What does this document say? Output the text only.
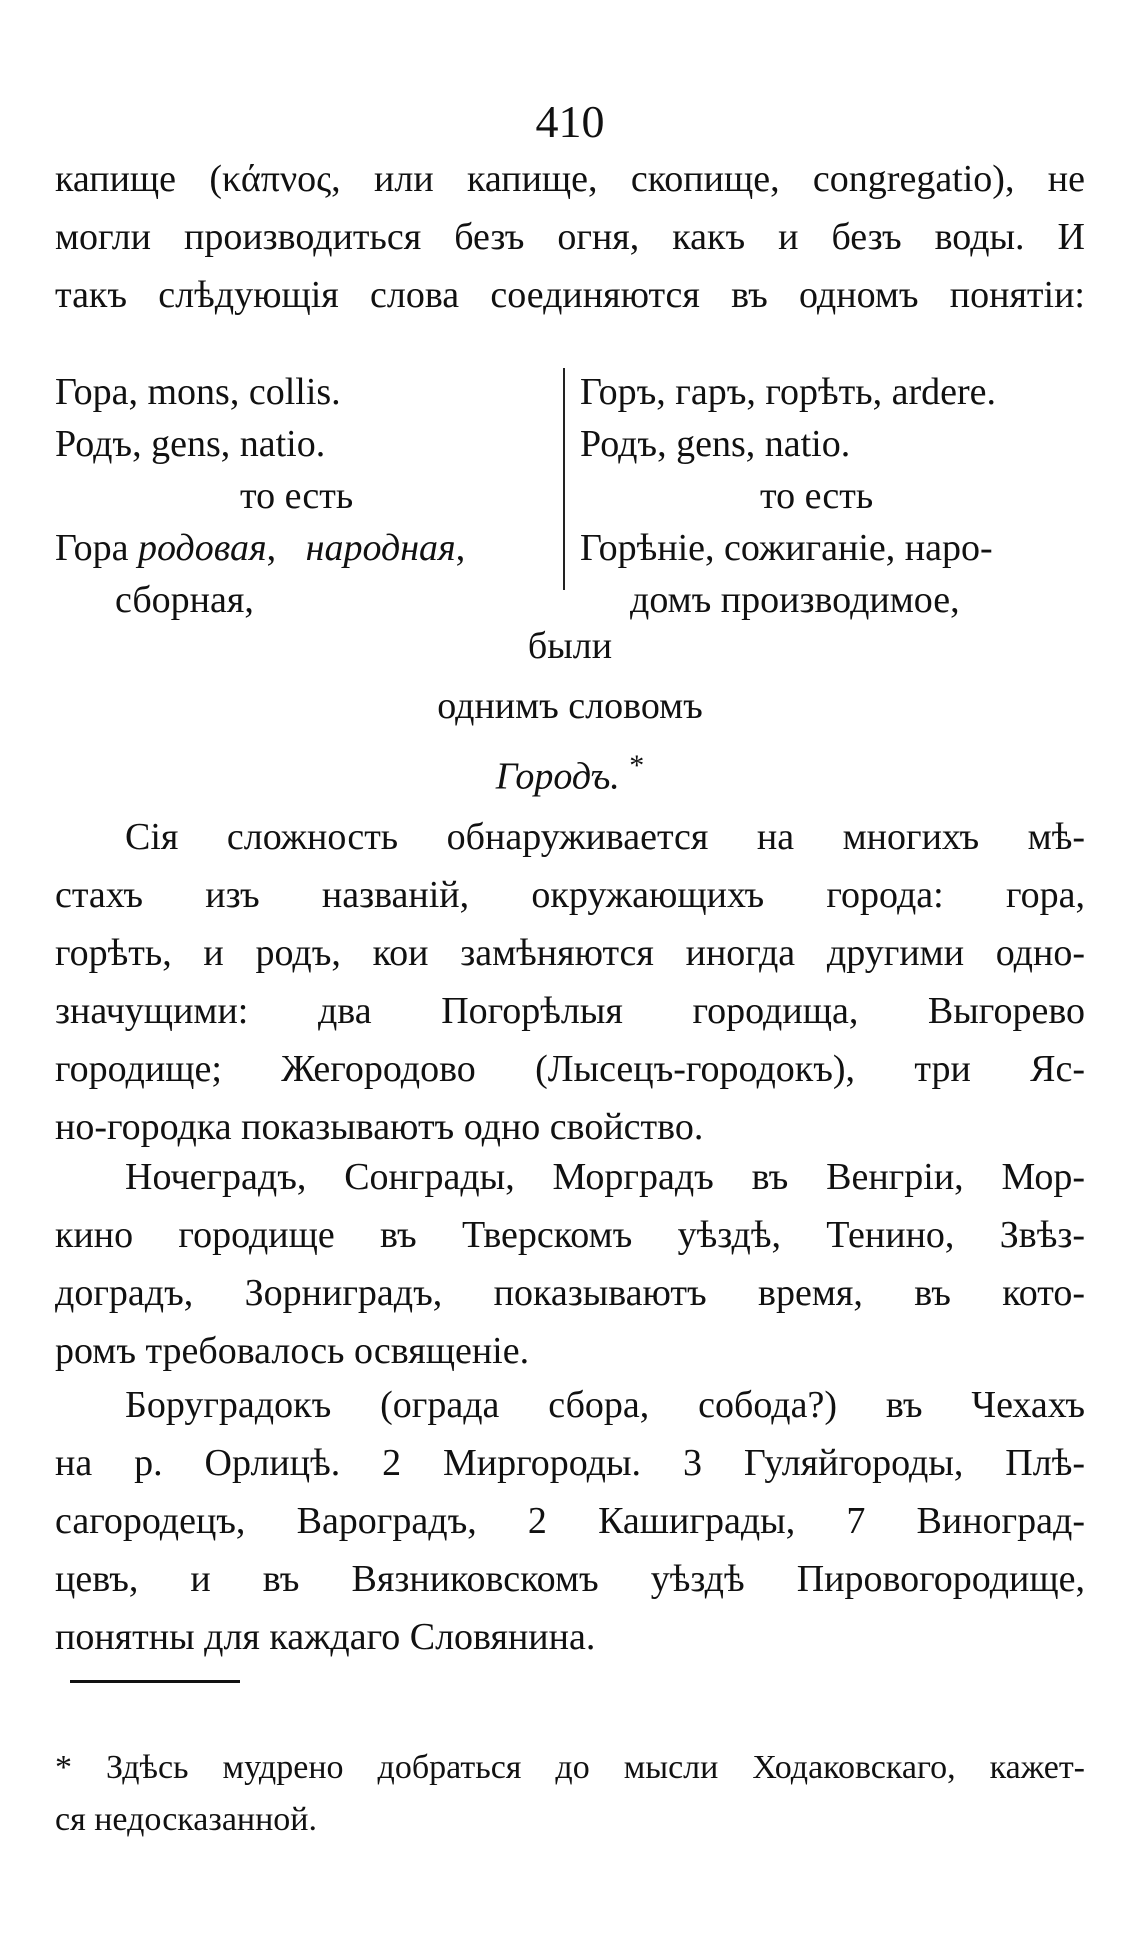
410
капище (κάπνος, или капище, скопище, congregatio), не
могли производиться безъ огня, какъ и безъ воды. И
такъ слѣдующія слова соединяются въ одномъ понятіи:
Гора, mons, collis.
Родъ, gens, natio.
то есть
Гора родовая, народная,
сборная,
Горъ, гаръ, горѣть, ardere.
Родъ, gens, natio.
то есть
Горѣніе, сожиганіе, наро-
домъ производимое,
были
однимъ словомъ
Городъ. *
Сія сложность обнаруживается на многихъ мѣ-
стахъ изъ названій, окружающихъ города: гора,
горѣть, и родъ, кои замѣняются иногда другими одно-
значущими: два Погорѣлыя городища, Выгорево
городище; Жегородово (Лысецъ-городокъ), три Яс-
но-городка показываютъ одно свойство.
Ночеградъ, Сонграды, Морградъ въ Венгріи, Мор-
кино городище въ Тверскомъ уѣздѣ, Тенино, Звѣз-
доградъ, Зорниградъ, показываютъ время, въ кото-
ромъ требовалось освященіе.
Боруградокъ (ограда сбора, собода?) въ Чехахъ
на р. Орлицѣ. 2 Миргороды. 3 Гуляйгороды, Плѣ-
сагородецъ, Вароградъ, 2 Кашиграды, 7 Виноград-
цевъ, и въ Вязниковскомъ уѣздѣ Пировогородище,
понятны для каждаго Словянина.
* Здѣсь мудрено добраться до мысли Ходаковскаго, кажет-
ся недосказанной.
